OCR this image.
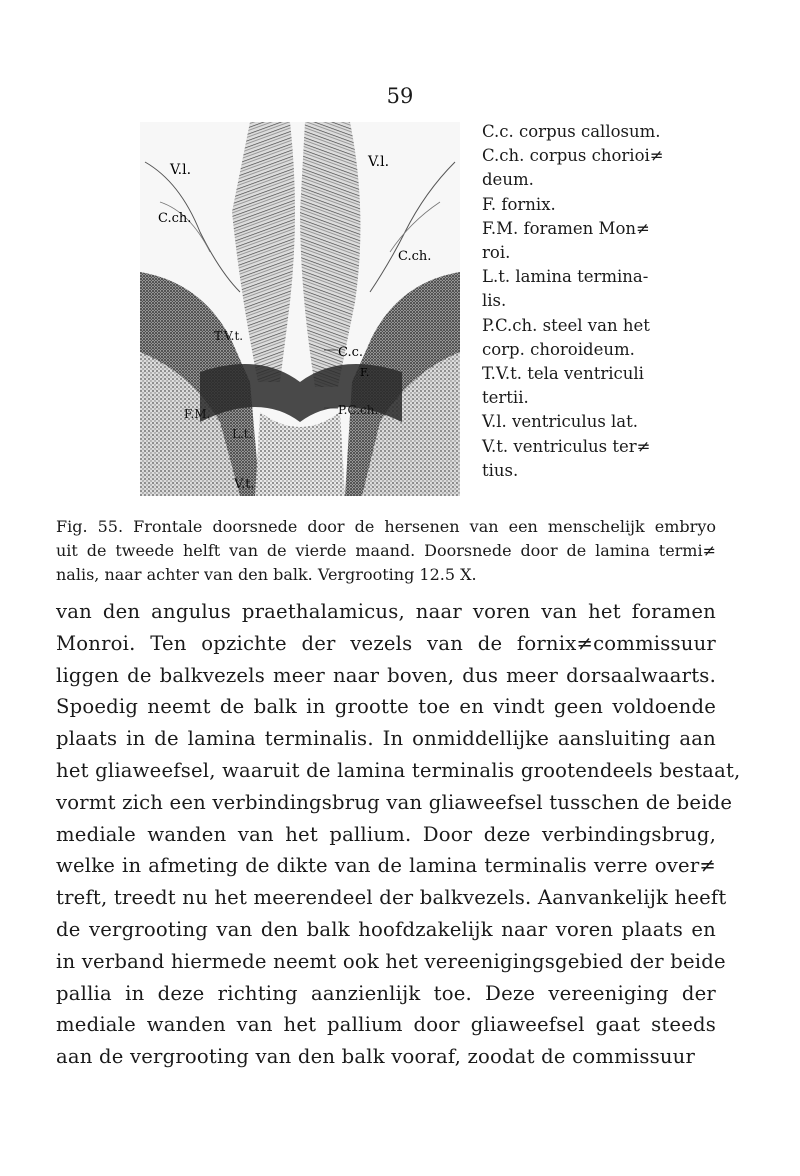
59
V.l.	V.l.
C.ch.
C.ch.
C.c.
F.
T.V.t.
F.M.	P.C.ch.
L.t.
V.t.

C.c. corpus callosum.

C.ch. corpus chorioi≠

deum.

F. fornix.

F.M. foramen Mon≠

roi.

L.t. lamina termina-

lis.

P.C.ch. steel van het

corp. choroideum.

T.V.t. tela ventriculi

tertii.

V.l. ventriculus lat.

V.t. ventriculus ter≠

tius.

Fig. 55. Frontale doorsnede door de hersenen van een menschelijk embryo
uit de tweede helft van de vierde maand. Doorsnede door de lamina termi≠
nalis, naar achter van den balk. Vergrooting 12.5 X.
van den angulus praethalamicus, naar voren van het foramen
Monroi. Ten opzichte der vezels van de fornix≠commissuur
liggen de balkvezels meer naar boven, dus meer dorsaalwaarts.
Spoedig neemt de balk in grootte toe en vindt geen voldoende
plaats in de lamina terminalis. In onmiddellijke aansluiting aan
het gliaweefsel, waaruit de lamina terminalis grootendeels bestaat,
vormt zich een verbindingsbrug van gliaweefsel tusschen de beide
mediale wanden van het pallium. Door deze verbindingsbrug,
welke in afmeting de dikte van de lamina terminalis verre over≠
treft, treedt nu het meerendeel der balkvezels. Aanvankelijk heeft
de vergrooting van den balk hoofdzakelijk naar voren plaats en
in verband hiermede neemt ook het vereenigingsgebied der beide
pallia in deze richting aanzienlijk toe. Deze vereeniging der
mediale wanden van het pallium door gliaweefsel gaat steeds
aan de vergrooting van den balk vooraf, zoodat de commissuur
